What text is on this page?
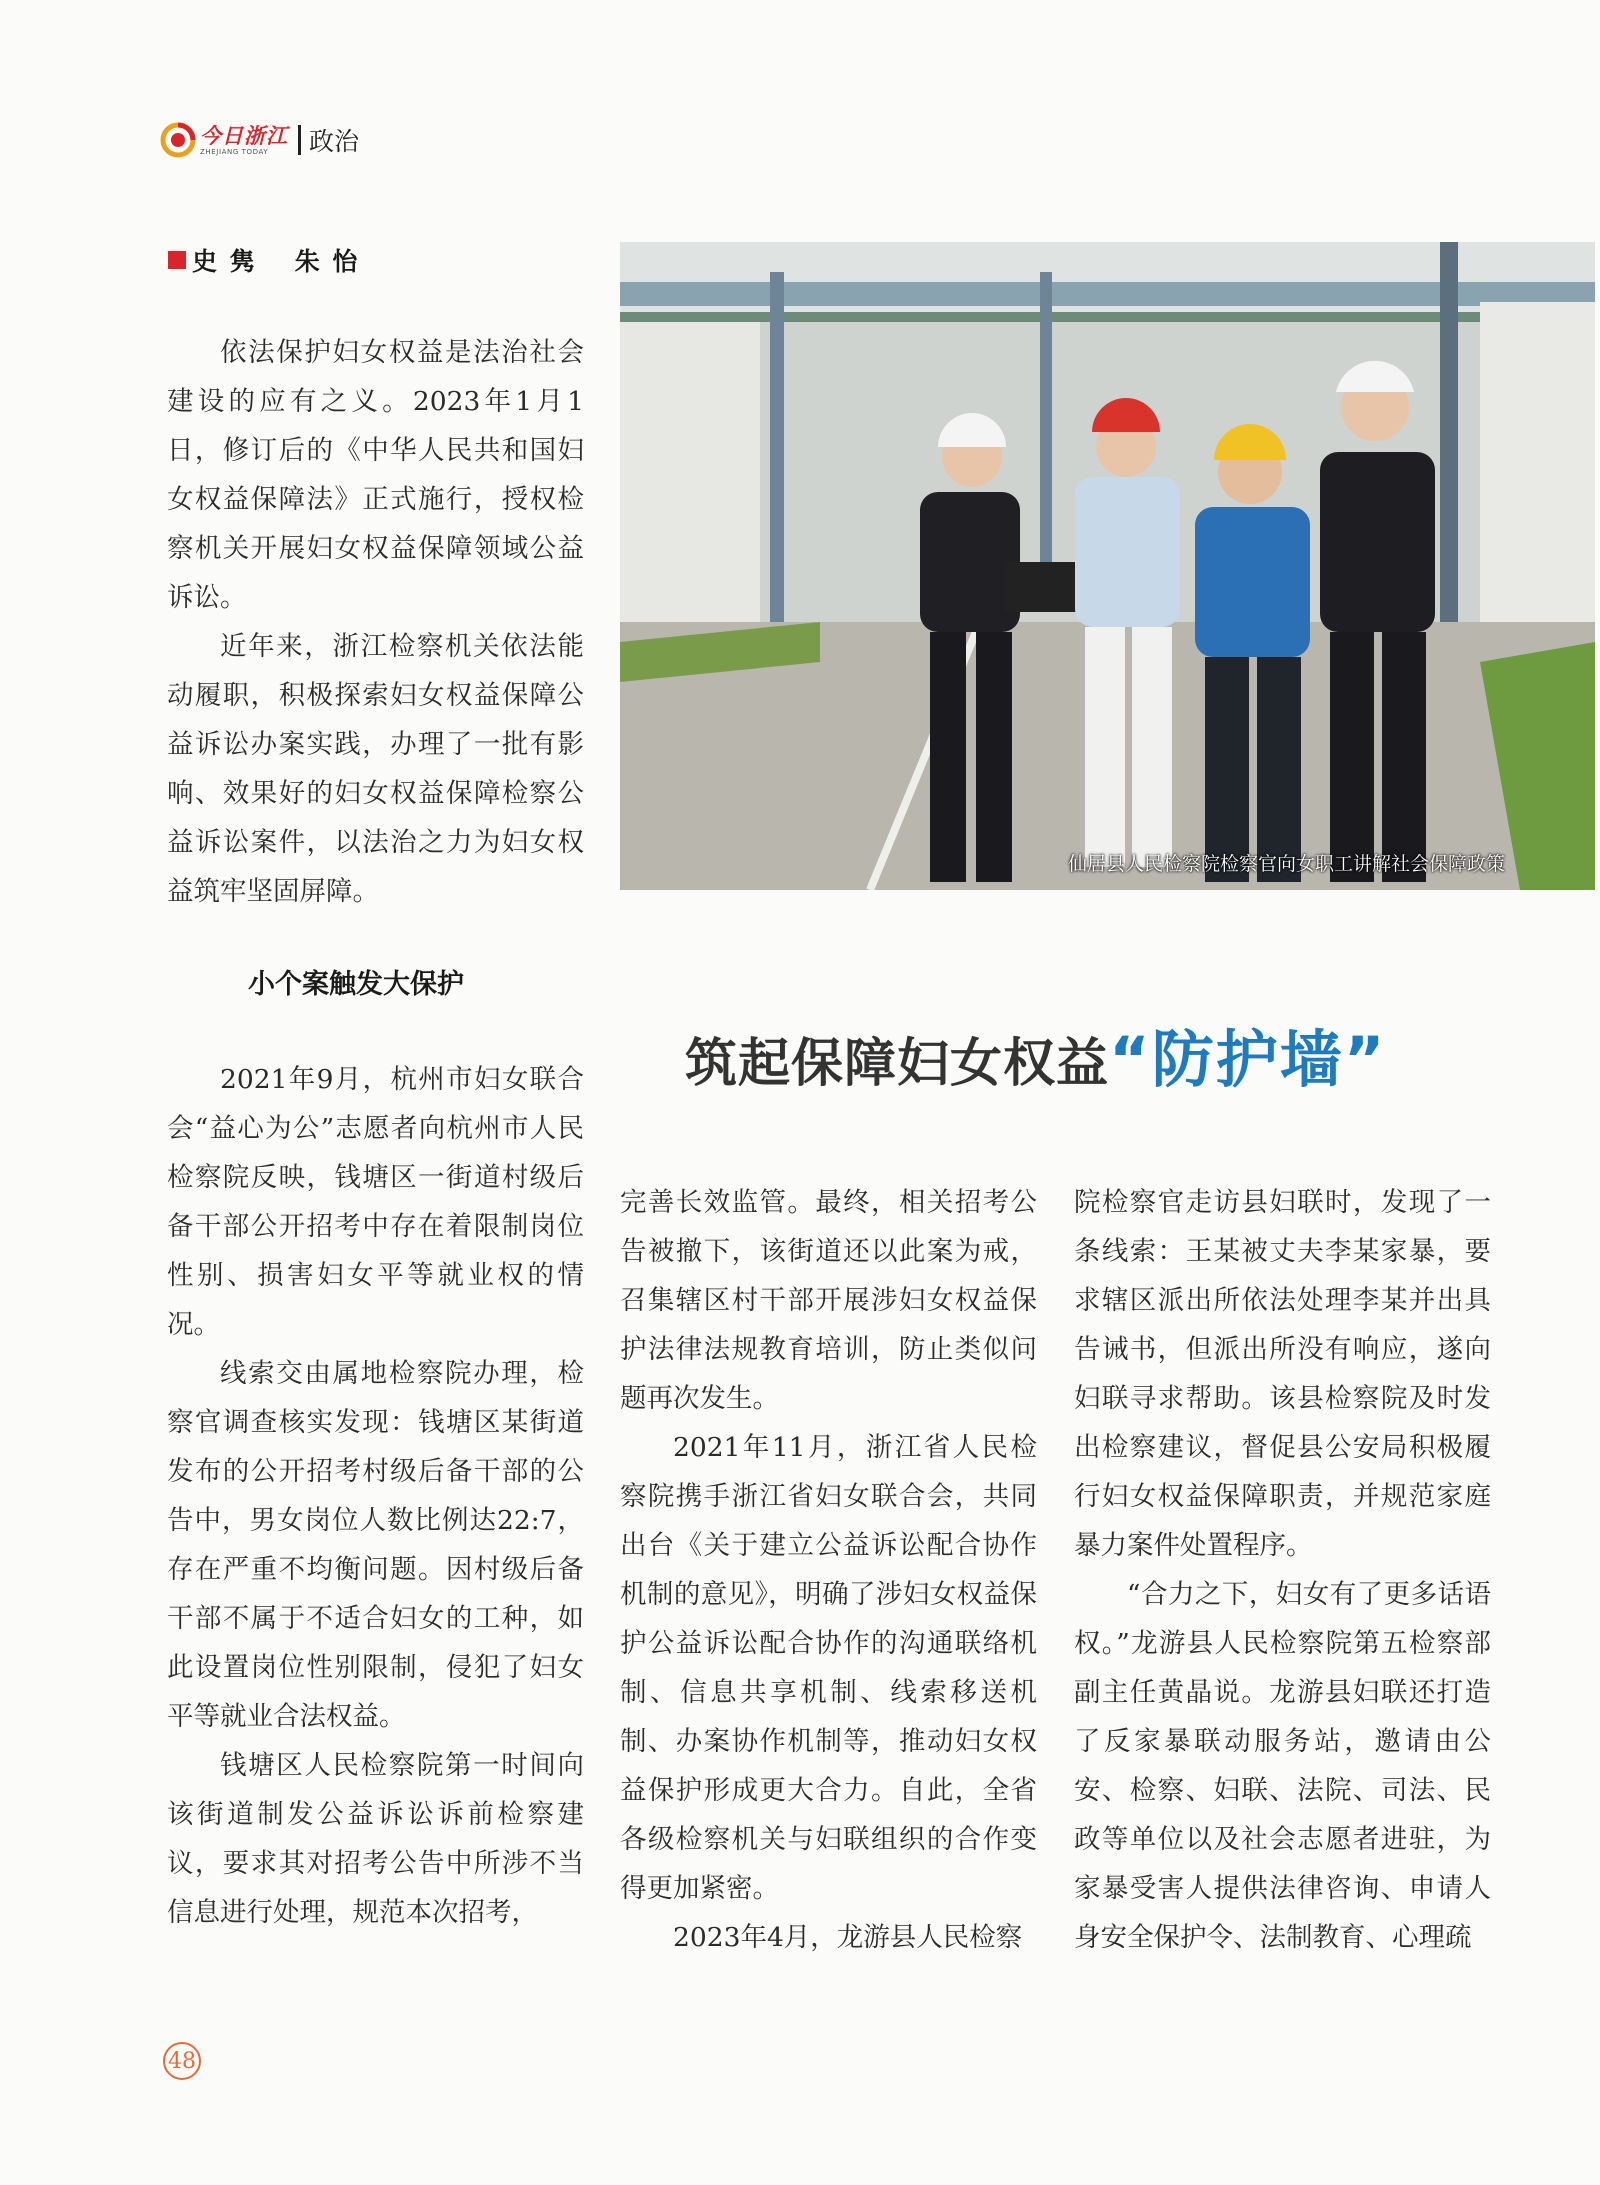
今日浙江
ZHEJIANG TODAY	政治
史 隽 朱 怡

依法保护妇女权益是法治社会建设的应有之义。2023年1月1日，修订后的《中华人民共和国妇女权益保障法》正式施行，授权检察机关开展妇女权益保障领域公益诉讼。

近年来，浙江检察机关依法能动履职，积极探索妇女权益保障公益诉讼办案实践，办理了一批有影响、效果好的妇女权益保障检察公益诉讼案件，以法治之力为妇女权益筑牢坚固屏障。

仙居县人民检察院检察官向女职工讲解社会保障政策
小个案触发大保护
筑起保障妇女权益“防护墙”

2021年9月，杭州市妇女联合会“益心为公”志愿者向杭州市人民检察院反映，钱塘区一街道村级后备干部公开招考中存在着限制岗位性别、损害妇女平等就业权的情况。

线索交由属地检察院办理，检察官调查核实发现：钱塘区某街道发布的公开招考村级后备干部的公告中，男女岗位人数比例达22:7，存在严重不均衡问题。因村级后备干部不属于不适合妇女的工种，如此设置岗位性别限制，侵犯了妇女平等就业合法权益。

钱塘区人民检察院第一时间向该街道制发公益诉讼诉前检察建议，要求其对招考公告中所涉不当信息进行处理，规范本次招考，

完善长效监管。最终，相关招考公告被撤下，该街道还以此案为戒，召集辖区村干部开展涉妇女权益保护法律法规教育培训，防止类似问题再次发生。

2021年11月，浙江省人民检察院携手浙江省妇女联合会，共同出台《关于建立公益诉讼配合协作机制的意见》，明确了涉妇女权益保护公益诉讼配合协作的沟通联络机制、信息共享机制、线索移送机制、办案协作机制等，推动妇女权益保护形成更大合力。自此，全省各级检察机关与妇联组织的合作变得更加紧密。

2023年4月，龙游县人民检察

院检察官走访县妇联时，发现了一条线索：王某被丈夫李某家暴，要求辖区派出所依法处理李某并出具告诫书，但派出所没有响应，遂向妇联寻求帮助。该县检察院及时发出检察建议，督促县公安局积极履行妇女权益保障职责，并规范家庭暴力案件处置程序。

“合力之下，妇女有了更多话语权。”龙游县人民检察院第五检察部副主任黄晶说。龙游县妇联还打造了反家暴联动服务站，邀请由公安、检察、妇联、法院、司法、民政等单位以及社会志愿者进驻，为家暴受害人提供法律咨询、申请人身安全保护令、法制教育、心理疏

48
